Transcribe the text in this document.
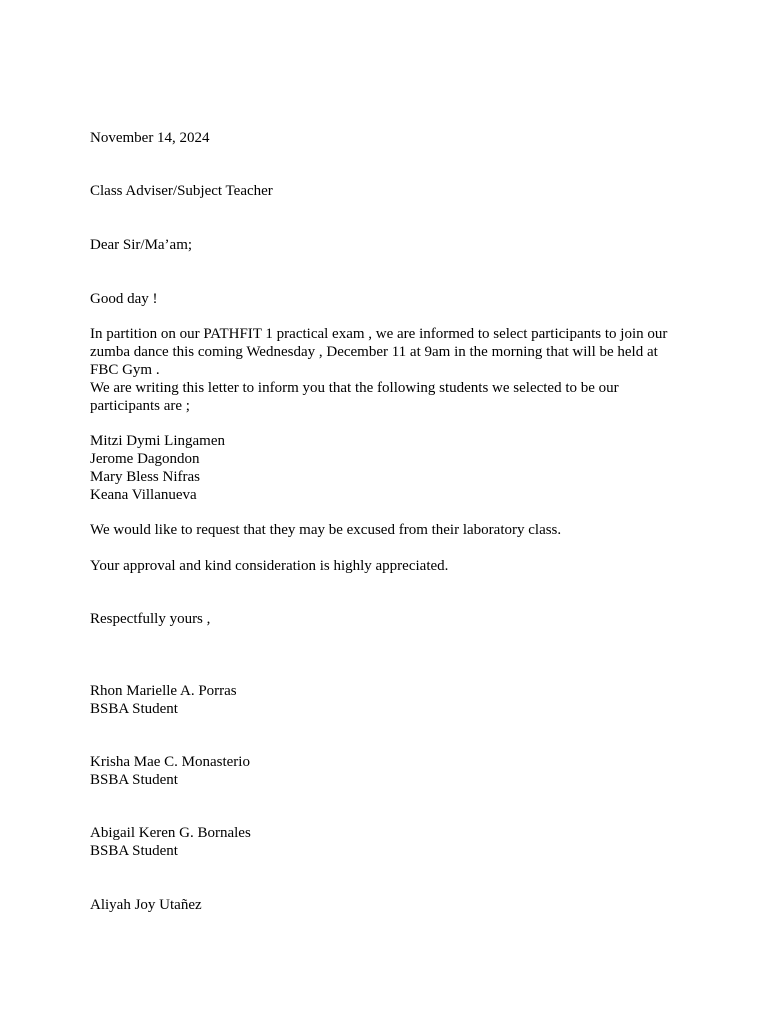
November 14, 2024

Class Adviser/Subject Teacher

Dear Sir/Ma’am;

Good day !

In partition on our PATHFIT 1 practical exam , we are informed to select participants to join our

zumba dance this coming Wednesday , December 11 at 9am in the morning that will be held at

FBC Gym .

We are writing this letter to inform you that the following students we selected to be our

participants are ;

Mitzi Dymi Lingamen

Jerome Dagondon

Mary Bless Nifras

Keana Villanueva

We would like to request that they may be excused from their laboratory class.

Your approval and kind consideration is highly appreciated.

Respectfully yours ,

Rhon Marielle A. Porras

BSBA Student

Krisha Mae C. Monasterio

BSBA Student

Abigail Keren G. Bornales

BSBA Student

Aliyah Joy Utañez
